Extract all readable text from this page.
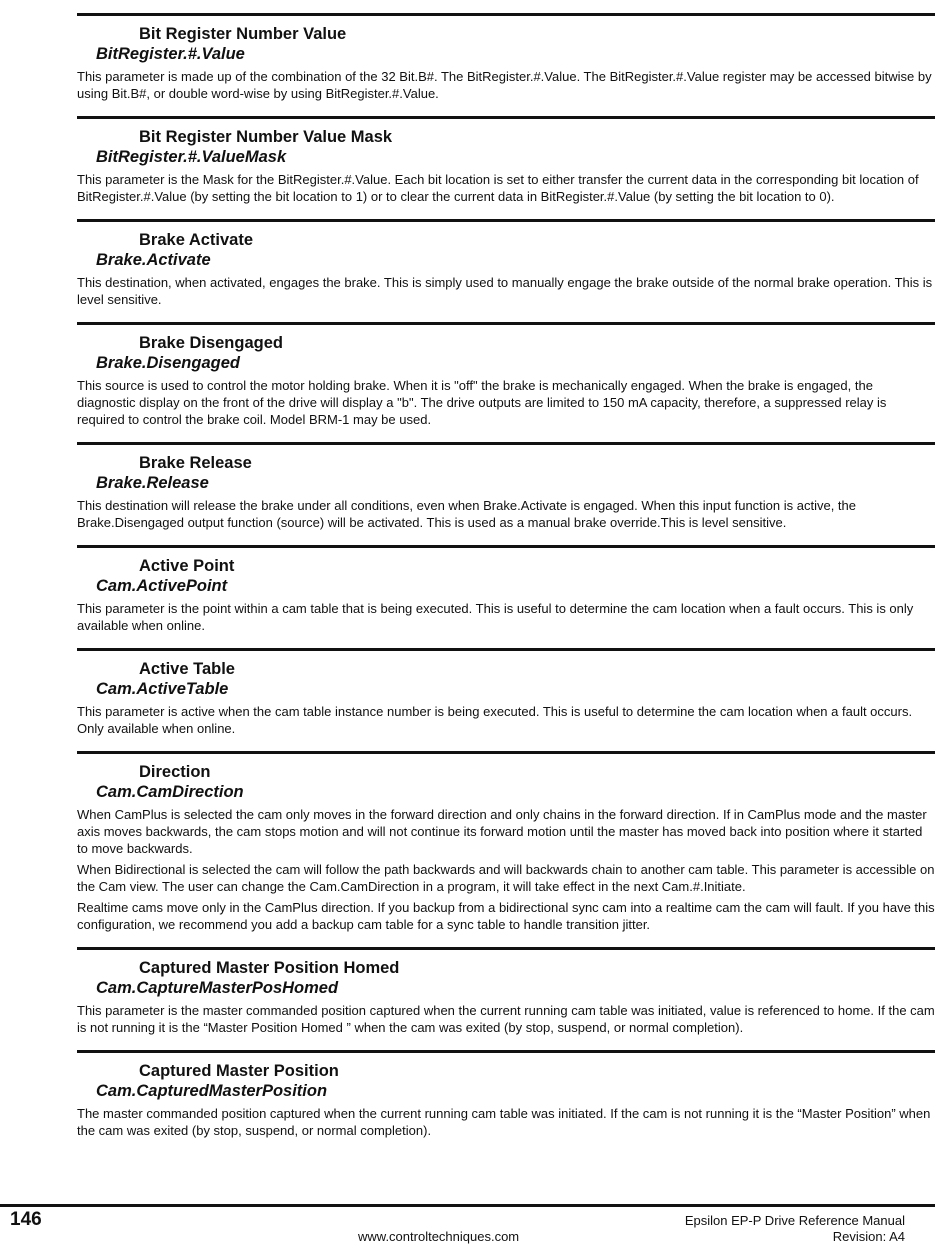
Bit Register Number Value
BitRegister.#.Value

This parameter is made up of the combination of the 32 Bit.B#. The BitRegister.#.Value. The BitRegister.#.Value register may be accessed bitwise by using Bit.B#, or double word-wise by using BitRegister.#.Value.

Bit Register Number Value Mask
BitRegister.#.ValueMask

This parameter is the Mask for the BitRegister.#.Value. Each bit location is set to either transfer the current data in the corresponding bit location of BitRegister.#.Value (by setting the bit location to 1) or to clear the current data in BitRegister.#.Value (by setting the bit location to 0).

Brake Activate
Brake.Activate

This destination, when activated, engages the brake. This is simply used to manually engage the brake outside of the normal brake operation. This is level sensitive.

Brake Disengaged
Brake.Disengaged

This source is used to control the motor holding brake. When it is "off" the brake is mechanically engaged. When the brake is engaged, the diagnostic display on the front of the drive will display a "b". The drive outputs are limited to 150 mA capacity, therefore, a suppressed relay is required to control the brake coil. Model BRM-1 may be used.

Brake Release
Brake.Release

This destination will release the brake under all conditions, even when Brake.Activate is engaged. When this input function is active, the Brake.Disengaged output function (source) will be activated. This is used as a manual brake override.This is level sensitive.

Active Point
Cam.ActivePoint

This parameter is the point within a cam table that is being executed. This is useful to determine the cam location when a fault occurs. This is only available when online.

Active Table
Cam.ActiveTable

This parameter is active when the cam table instance number is being executed. This is useful to determine the cam location when a fault occurs. Only available when online.

Direction
Cam.CamDirection

When CamPlus is selected the cam only moves in the forward direction and only chains in the forward direction. If in CamPlus mode and the master axis moves backwards, the cam stops motion and will not continue its forward motion until the master has moved back into position where it started to move backwards.

When Bidirectional is selected the cam will follow the path backwards and will backwards chain to another cam table. This parameter is accessible on the Cam view. The user can change the Cam.CamDirection in a program, it will take effect in the next Cam.#.Initiate.

Realtime cams move only in the CamPlus direction. If you backup from a bidirectional sync cam into a realtime cam the cam will fault. If you have this configuration, we recommend you add a backup cam table for a sync table to handle transition jitter.

Captured Master Position Homed
Cam.CaptureMasterPosHomed

This parameter is the master commanded position captured when the current running cam table was initiated, value is referenced to home. If the cam is not running it is the “Master Position Homed ” when the cam was exited (by stop, suspend, or normal completion).

Captured Master Position
Cam.CapturedMasterPosition

The master commanded position captured when the current running cam table was initiated. If the cam is not running it is the “Master Position” when the cam was exited (by stop, suspend, or normal completion).

146	Epsilon EP-P Drive Reference Manual
www.controltechniques.com	Revision: A4
